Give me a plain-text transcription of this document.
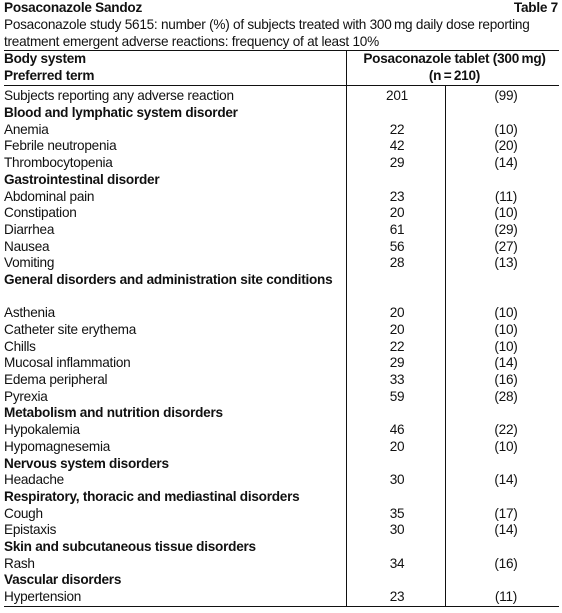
Posaconazole Sandoz	Table 7
Posaconazole study 5615: number (%) of subjects treated with 300 mg daily dose reporting treatment emergent adverse reactions: frequency of at least 10%
Body system
Preferred term
Posaconazole tablet (300 mg)
(n = 210)
Subjects reporting any adverse reaction	201	(99)
Blood and lymphatic system disorder
Anemia	22	(10)
Febrile neutropenia	42	(20)
Thrombocytopenia	29	(14)
Gastrointestinal disorder
Abdominal pain	23	(11)
Constipation	20	(10)
Diarrhea	61	(29)
Nausea	56	(27)
Vomiting	28	(13)
General disorders and administration site conditions
Asthenia	20	(10)
Catheter site erythema	20	(10)
Chills	22	(10)
Mucosal inflammation	29	(14)
Edema peripheral	33	(16)
Pyrexia	59	(28)
Metabolism and nutrition disorders
Hypokalemia	46	(22)
Hypomagnesemia	20	(10)
Nervous system disorders
Headache	30	(14)
Respiratory, thoracic and mediastinal disorders
Cough	35	(17)
Epistaxis	30	(14)
Skin and subcutaneous tissue disorders
Rash	34	(16)
Vascular disorders
Hypertension	23	(11)
